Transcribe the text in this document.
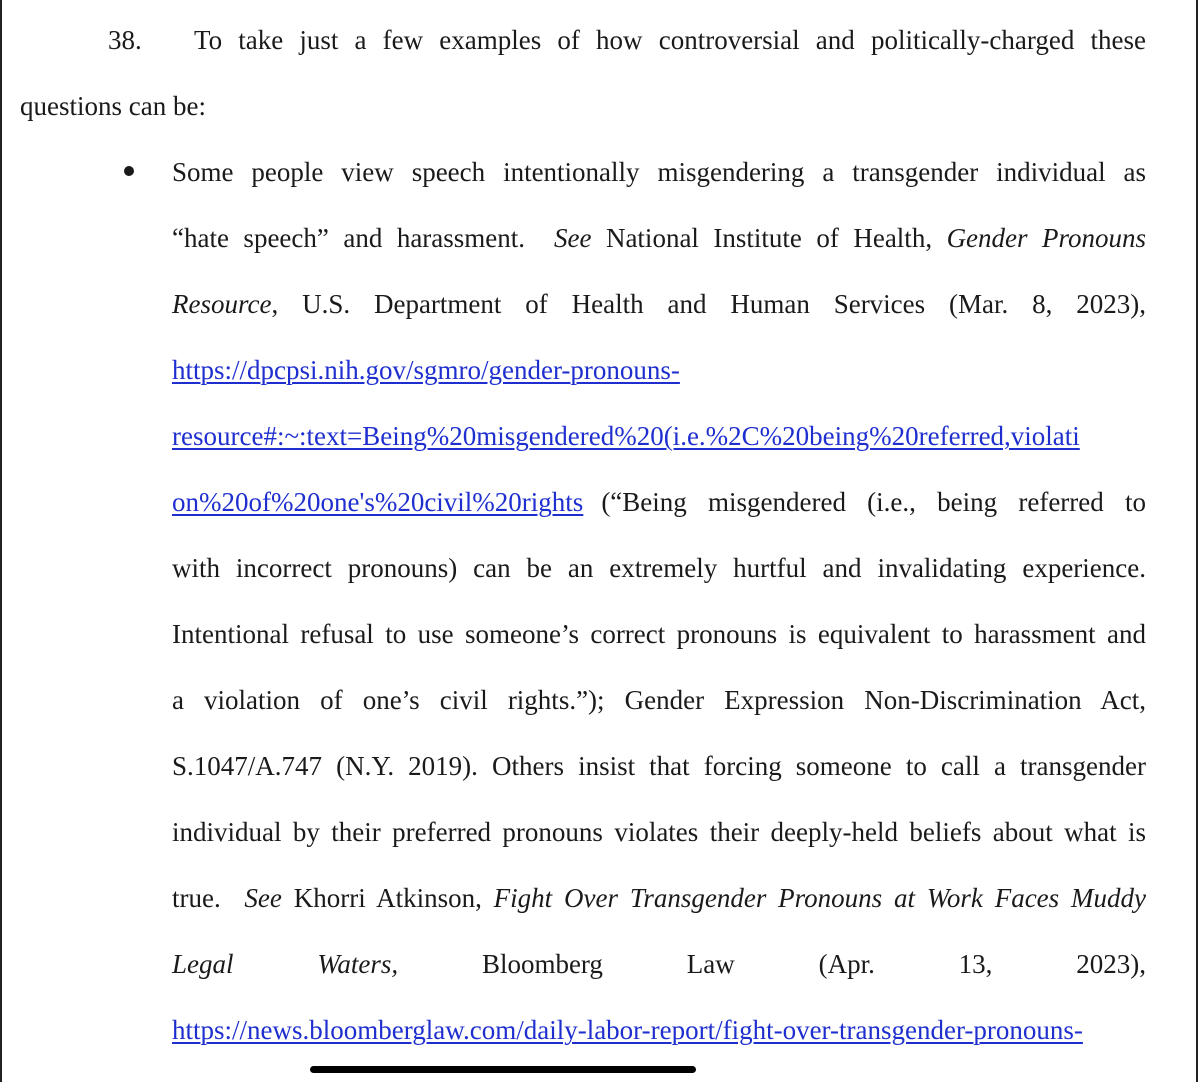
38. To take just a few examples of how controversial and politically-charged these
questions can be:
Some people view speech intentionally misgendering a transgender individual as
“hate speech” and harassment. See National Institute of Health, Gender Pronouns
Resource, U.S. Department of Health and Human Services (Mar. 8, 2023),
https://dpcpsi.nih.gov/sgmro/gender-pronouns-
resource#:~:text=Being%20misgendered%20(i.e.%2C%20being%20referred,violati
on%20of%20one's%20civil%20rights (“Being misgendered (i.e., being referred to
with incorrect pronouns) can be an extremely hurtful and invalidating experience.
Intentional refusal to use someone’s correct pronouns is equivalent to harassment and
a violation of one’s civil rights.”); Gender Expression Non-Discrimination Act,
S.1047/A.747 (N.Y. 2019). Others insist that forcing someone to call a transgender
individual by their preferred pronouns violates their deeply-held beliefs about what is
true. See Khorri Atkinson, Fight Over Transgender Pronouns at Work Faces Muddy
Legal	Waters,	Bloomberg	Law	(Apr.	13,	2023),
https://news.bloomberglaw.com/daily-labor-report/fight-over-transgender-pronouns-
